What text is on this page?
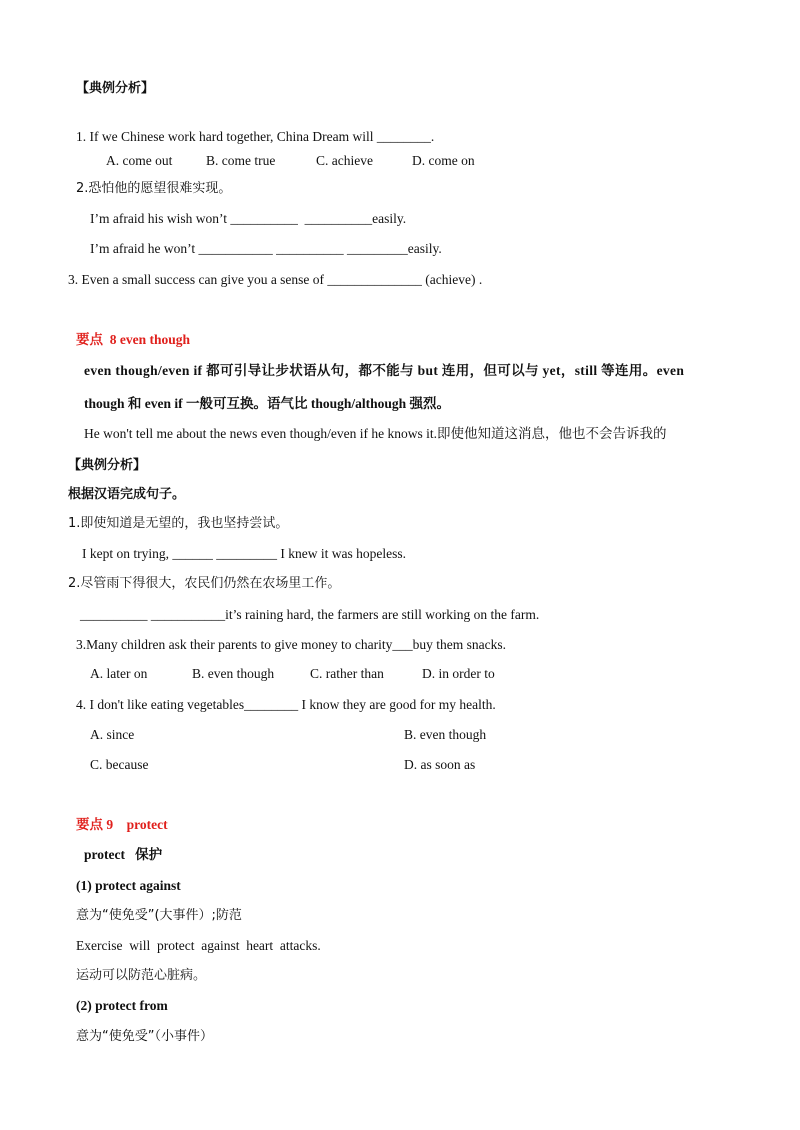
【典例分析】
1. If we Chinese work hard together, China Dream will ________.
A. come out B. come true	C. achieve	D. come on
2.恐怕他的愿望很难实现。
I’m afraid his wish won’t __________  __________easily.
I’m afraid he won’t ___________ __________ _________easily.
3. Even a small success can give you a sense of ______________ (achieve) .
要点  8 even though
even though/even if 都可引导让步状语从句，都不能与 but 连用，但可以与 yet，still 等连用。even
though 和 even if 一般可互换。语气比 though/although 强烈。
He won't tell me about the news even though/even if he knows it.即使他知道这消息，他也不会告诉我的
【典例分析】
根据汉语完成句子。
1.即使知道是无望的，我也坚持尝试。
I kept on trying, ______ _________ I knew it was hopeless.
2.尽管雨下得很大，农民们仍然在农场里工作。
__________ ___________it’s raining hard, the farmers are still working on the farm.
3.Many children ask their parents to give money to charity___buy them snacks.
A. later on	B. even though	C. rather than	D. in order to
4. I don't like eating vegetables________ I know they are good for my health.
A. since	B. even though
C. because	D. as soon as
要点 9    protect
protect   保护
(1) protect against
意为“使免受”(大事件）;防范
Exercise  will  protect  against  heart  attacks.
运动可以防范心脏病。
(2) protect from
意为“使免受”（小事件）
